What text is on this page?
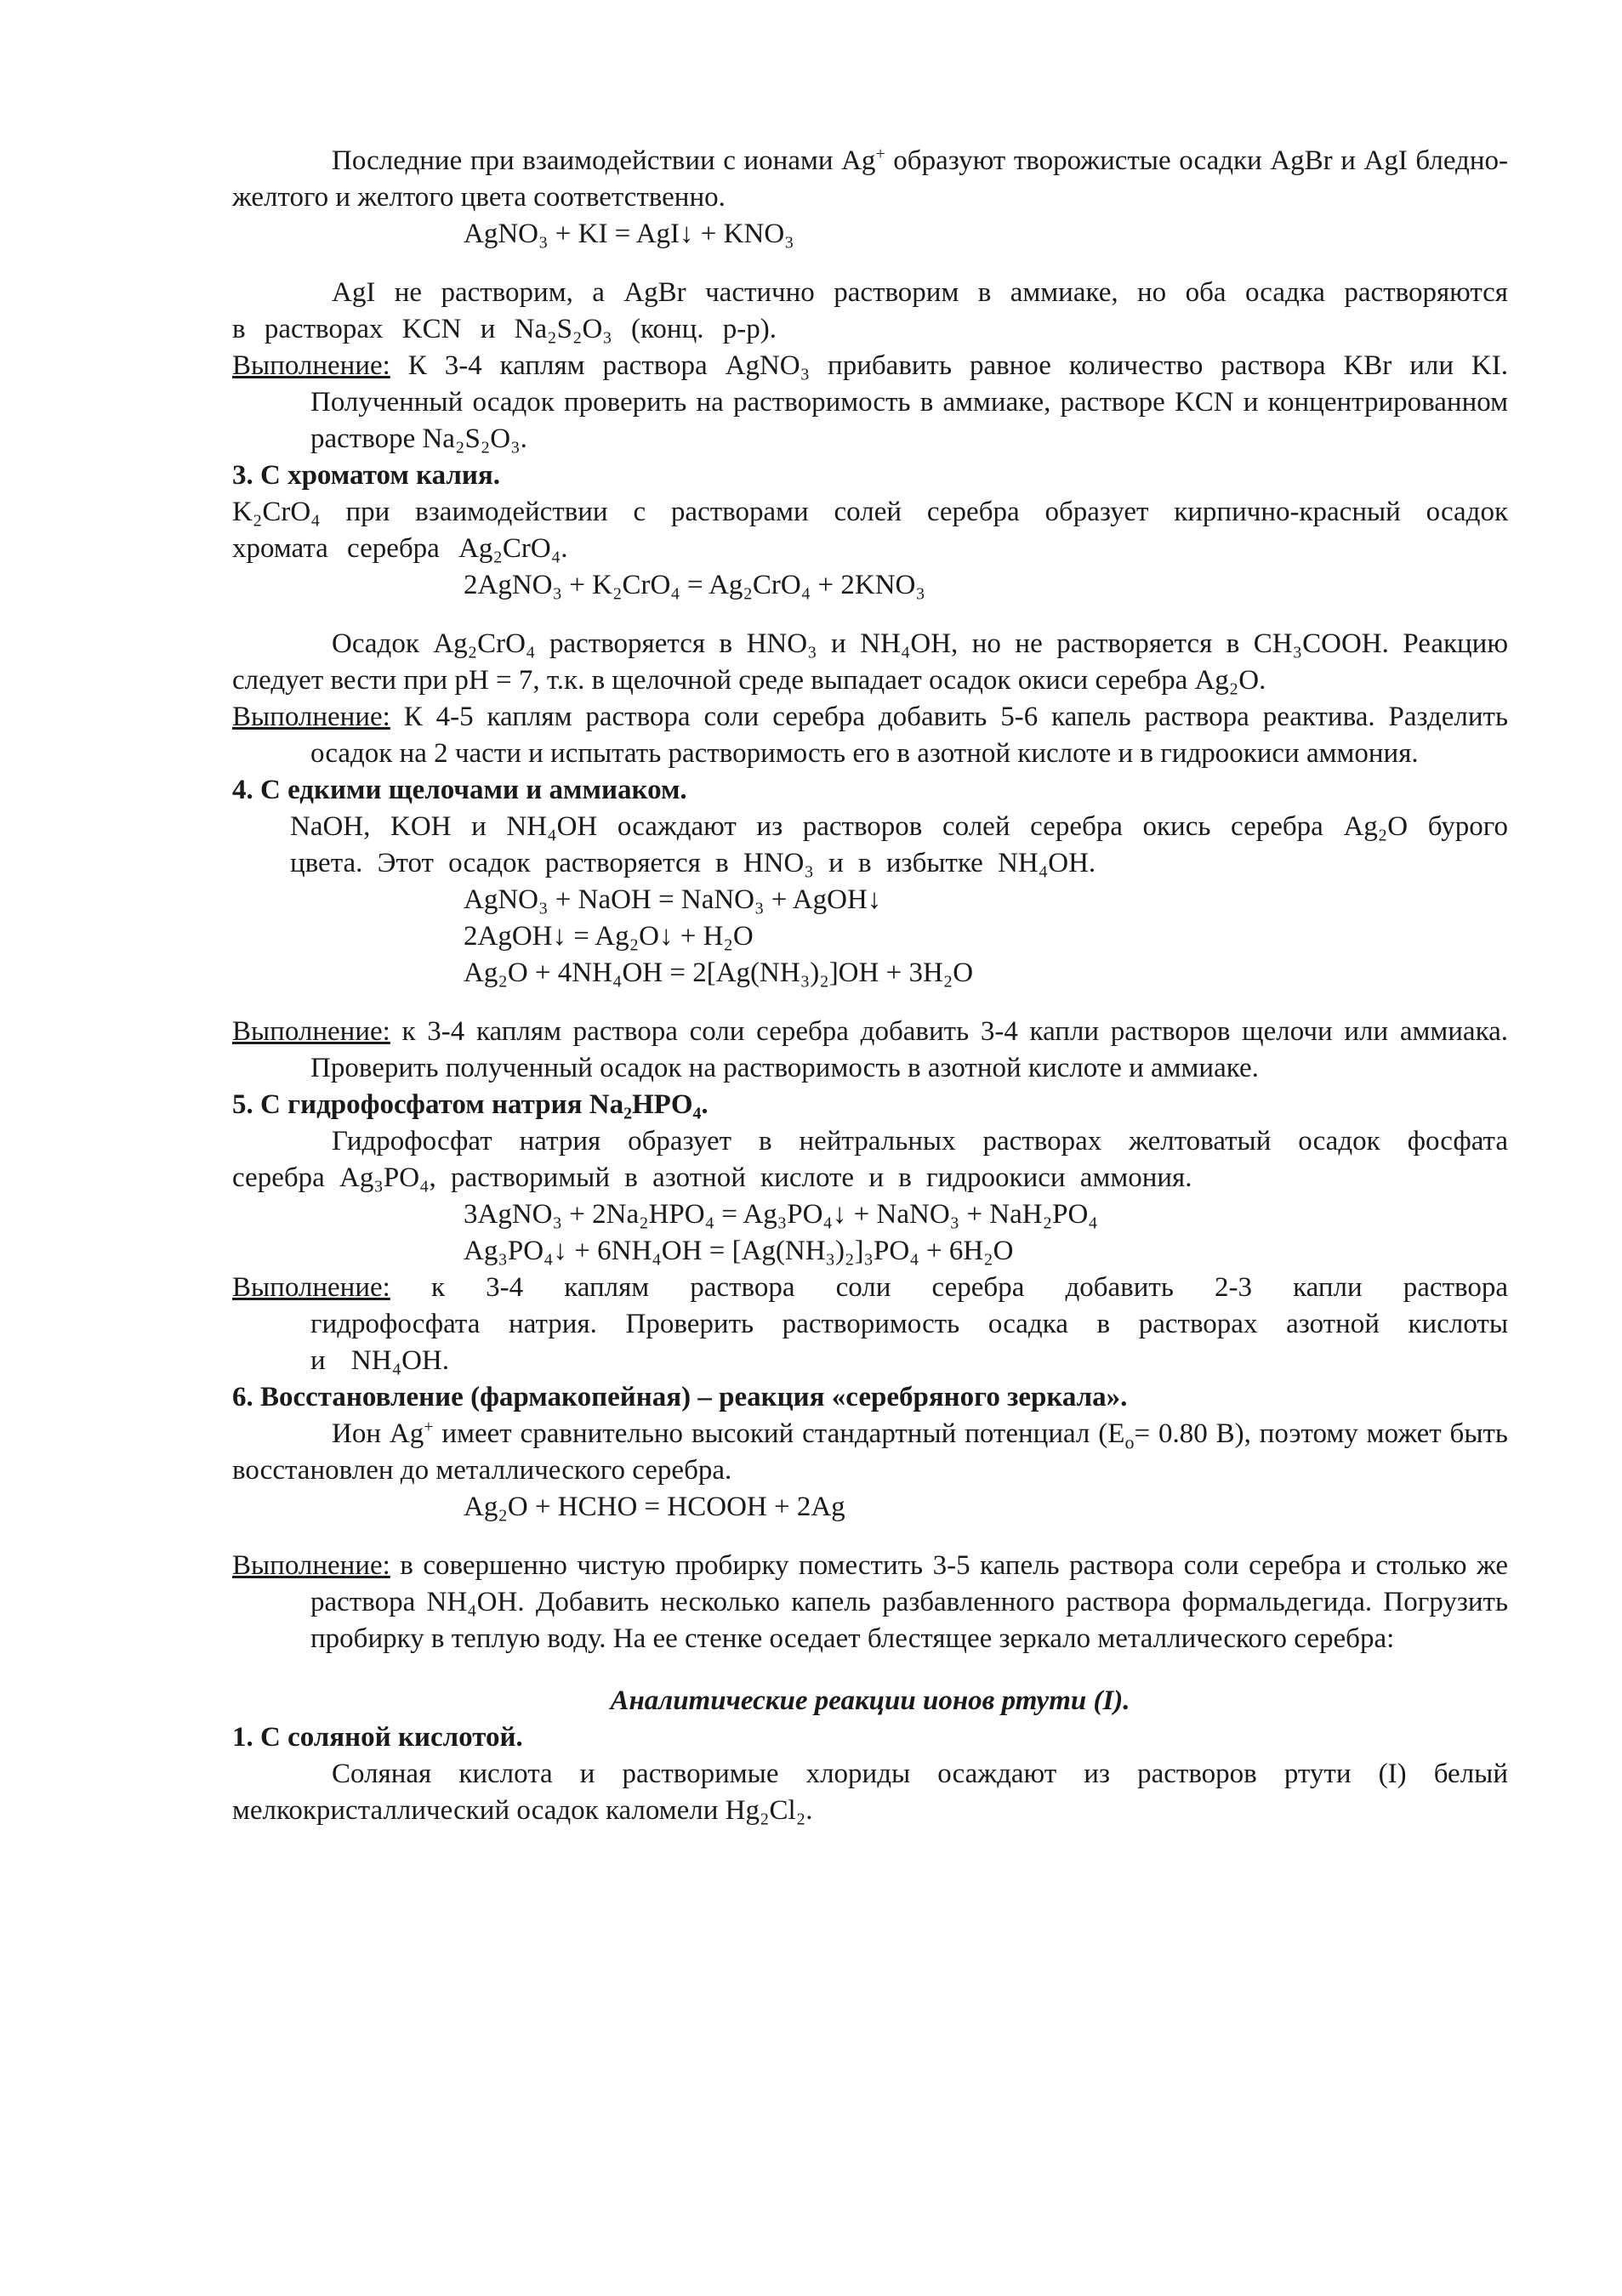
Последние при взаимодействии с ионами Ag+ образуют творожистые осадки AgBr и AgI бледно-желтого и желтого цвета соответственно.

AgNO₃ + KI = AgI↓ + KNO₃

AgI не растворим, а AgBr частично растворим в аммиаке, но оба осадка растворяются в растворах KCN и Na₂S₂O₃ (конц. р-р).

Выполнение: К 3-4 каплям раствора AgNO₃ прибавить равное количество раствора KBr или KI. Полученный осадок проверить на растворимость в аммиаке, растворе KCN и концентрированном растворе Na₂S₂O₃.

3. С хроматом калия.

K₂CrO₄ при взаимодействии с растворами солей серебра образует кирпично-красный осадок хромата серебра Ag₂CrO₄.

2AgNO₃ + K₂CrO₄ = Ag₂CrO₄ + 2KNO₃

Осадок Ag₂CrO₄ растворяется в HNO₃ и NH₄OH, но не растворяется в CH₃COOH. Реакцию следует вести при pH = 7, т.к. в щелочной среде выпадает осадок окиси серебра Ag₂O.

Выполнение: К 4-5 каплям раствора соли серебра добавить 5-6 капель раствора реактива. Разделить осадок на 2 части и испытать растворимость его в азотной кислоте и в гидроокиси аммония.

4. С едкими щелочами и аммиаком.

NaOH, KOH и NH₄OH осаждают из растворов солей серебра окись серебра Ag₂O бурого цвета. Этот осадок растворяется в HNO₃ и в избытке NH₄OH.

AgNO₃ + NaOH = NaNO₃ + AgOH↓

2AgOH↓ = Ag₂O↓ + H₂O

Ag₂O + 4NH₄OH = 2[Ag(NH₃)₂]OH + 3H₂O

Выполнение: к 3-4 каплям раствора соли серебра добавить 3-4 капли растворов щелочи или аммиака. Проверить полученный осадок на растворимость в азотной кислоте и аммиаке.

5. С гидрофосфатом натрия Na₂HPO₄.

Гидрофосфат натрия образует в нейтральных растворах желтоватый осадок фосфата серебра Ag₃PO₄, растворимый в азотной кислоте и в гидроокиси аммония.

3AgNO₃ + 2Na₂HPO₄ = Ag₃PO₄↓ + NaNO₃ + NaH₂PO₄

Ag₃PO₄↓ + 6NH₄OH = [Ag(NH₃)₂]₃PO₄ + 6H₂O

Выполнение: к 3-4 каплям раствора соли серебра добавить 2-3 капли раствора гидрофосфата натрия. Проверить растворимость осадка в растворах азотной кислоты и NH₄OH.

6. Восстановление (фармакопейная) – реакция «серебряного зеркала».

Ион Ag+ имеет сравнительно высокий стандартный потенциал ($E_o= 0.80$ В), поэтому может быть восстановлен до металлического серебра.

Ag₂O + HCHO = HCOOH + 2Ag

Выполнение: в совершенно чистую пробирку поместить 3-5 капель раствора соли серебра и столько же раствора NH₄OH. Добавить несколько капель разбавленного раствора формальдегида. Погрузить пробирку в теплую воду. На ее стенке оседает блестящее зеркало металлического серебра:

Аналитические реакции ионов ртути (I).

1. С соляной кислотой.

Соляная кислота и растворимые хлориды осаждают из растворов ртути (I) белый мелкокристаллический осадок каломели Hg₂Cl₂.
